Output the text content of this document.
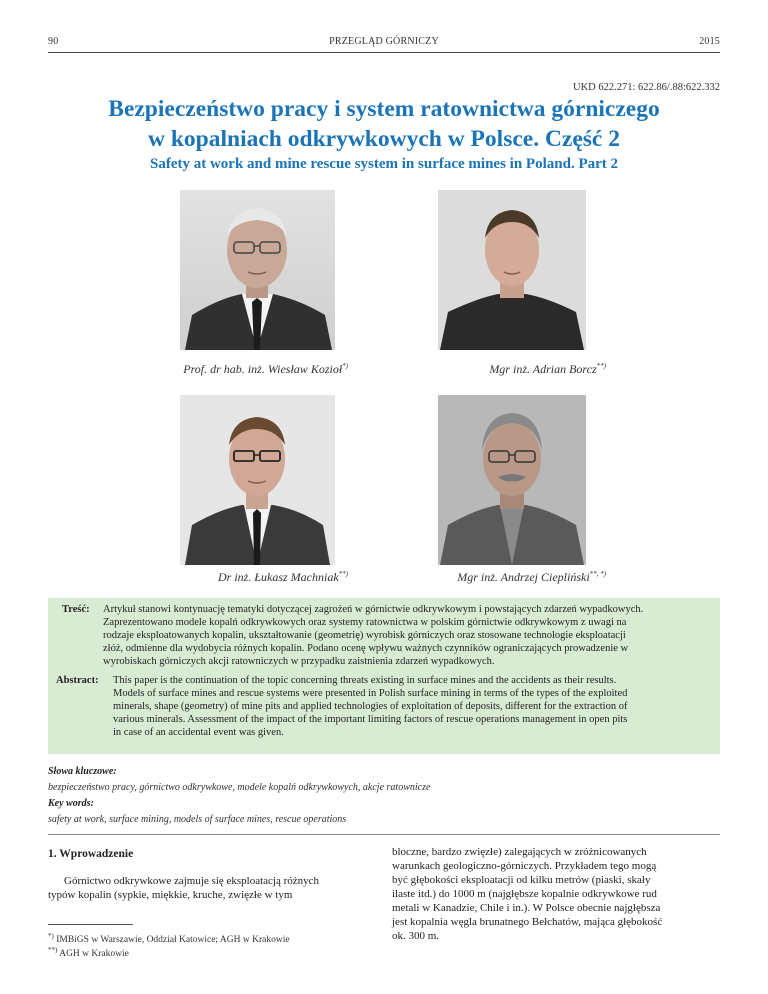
90	PRZEGLĄD GÓRNICZY	2015
UKD 622.271: 622.86/.88:622.332
Bezpieczeństwo pracy i system ratownictwa górniczego
w kopalniach odkrywkowych w Polsce. Część 2
Safety at work and mine rescue system in surface mines in Poland. Part 2
Prof. dr hab. inż. Wiesław Kozioł*)	Mgr inż. Adrian Borcz**)
Dr inż. Łukasz Machniak**)	Mgr inż. Andrzej Ciepliński**, *)
Treść: Artykuł stanowi kontynuację tematyki dotyczącej zagrożeń w górnictwie odkrywkowym i powstających zdarzeń wypadkowych.
Zaprezentowano modele kopalń odkrywkowych oraz systemy ratownictwa w polskim górnictwie odkrywkowym z uwagi na
rodzaje eksploatowanych kopalin, ukształtowanie (geometrię) wyrobisk górniczych oraz stosowane technologie eksploatacji
złóż, odmienne dla wydobycia różnych kopalin. Podano ocenę wpływu ważnych czynników ograniczających prowadzenie w
wyrobiskach górniczych akcji ratowniczych w przypadku zaistnienia zdarzeń wypadkowych.
Abstract: This paper is the continuation of the topic concerning threats existing in surface mines and the accidents as their results.
Models of surface mines and rescue systems were presented in Polish surface mining in terms of the types of the exploited
minerals, shape (geometry) of mine pits and applied technologies of exploitation of deposits, different for the extraction of
various minerals. Assessment of the impact of the important limiting factors of rescue operations management in open pits
in case of an accidental event was given.
Słowa kluczowe:
bezpieczeństwo pracy, górnictwo odkrywkowe, modele kopalń odkrywkowych, akcje ratownicze
Key words:
safety at work, surface mining, models of surface mines, rescue operations
1. Wprowadzenie
Górnictwo odkrywkowe zajmuje się eksploatacją różnych
typów kopalin (sypkie, miękkie, kruche, zwięzłe w tym
*) IMBiGS w Warszawie, Oddział Katowice; AGH w Krakowie
**) AGH w Krakowie
bloczne, bardzo zwięzłe) zalegających w zróżnicowanych
warunkach geologiczno-górniczych. Przykładem tego mogą
być głębokości eksploatacji od kilku metrów (piaski, skały
ilaste itd.) do 1000 m (najgłębsze kopalnie odkrywkowe rud
metali w Kanadzie, Chile i in.). W Polsce obecnie najgłębsza
jest kopalnia węgla brunatnego Bełchatów, mająca głębokość
ok. 300 m.
